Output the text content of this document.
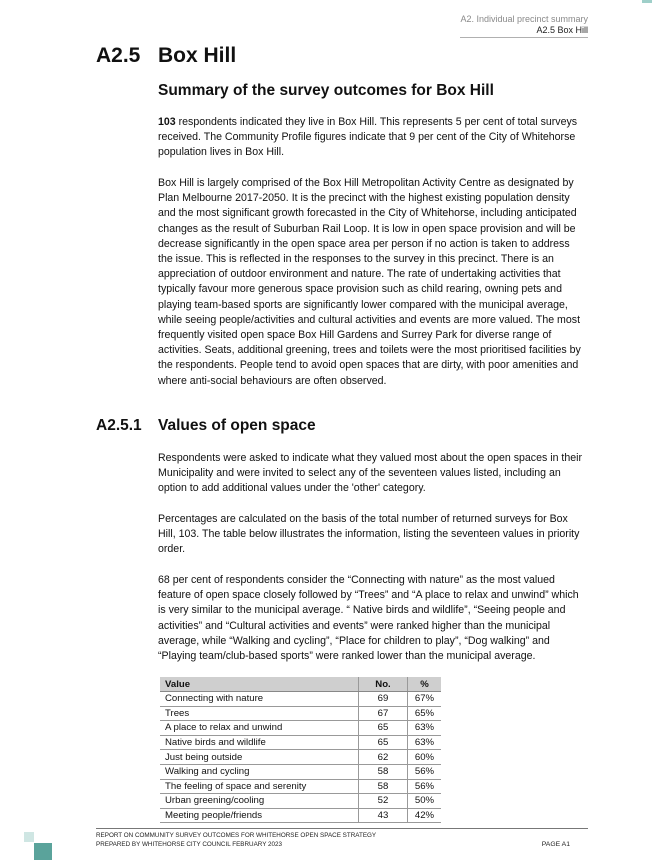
A2. Individual precinct summary
A2.5 Box Hill
A2.5 Box Hill
Summary of the survey outcomes for Box Hill

103 respondents indicated they live in Box Hill. This represents 5 per cent of total surveys received. The Community Profile figures indicate that 9 per cent of the City of Whitehorse population lives in Box Hill.

Box Hill is largely comprised of the Box Hill Metropolitan Activity Centre as designated by Plan Melbourne 2017-2050. It is the precinct with the highest existing population density and the most significant growth forecasted in the City of Whitehorse, including anticipated changes as the result of Suburban Rail Loop. It is low in open space provision and will be decrease significantly in the open space area per person if no action is taken to address the issue. This is reflected in the responses to the survey in this precinct. There is an appreciation of outdoor environment and nature. The rate of undertaking activities that typically favour more generous space provision such as child rearing, owning pets and playing team-based sports are significantly lower compared with the municipal average, while seeing people/activities and cultural activities and events are more valued. The most frequently visited open space Box Hill Gardens and Surrey Park for diverse range of activities. Seats, additional greening, trees and toilets were the most prioritised facilities by the respondents. People tend to avoid open spaces that are dirty, with poor amenities and where anti-social behaviours are often observed.

A2.5.1 Values of open space

Respondents were asked to indicate what they valued most about the open spaces in their Municipality and were invited to select any of the seventeen values listed, including an option to add additional values under the 'other' category.

Percentages are calculated on the basis of the total number of returned surveys for Box Hill, 103. The table below illustrates the information, listing the seventeen values in priority order.

68 per cent of respondents consider the “Connecting with nature” as the most valued feature of open space closely followed by “Trees” and “A place to relax and unwind” which is very similar to the municipal average. “ Native birds and wildlife”, “Seeing people and activities” and “Cultural activities and events” were ranked higher than the municipal average, while “Walking and cycling”, “Place for children to play”, “Dog walking” and “Playing team/club-based sports” were ranked lower than the municipal average.

Value	No.	%
Connecting with nature	69	67%
Trees	67	65%
A place to relax and unwind	65	63%
Native birds and wildlife	65	63%
Just being outside	62	60%
Walking and cycling	58	56%
The feeling of space and serenity	58	56%
Urban greening/cooling	52	50%
Meeting people/friends	43	42%
REPORT ON COMMUNITY SURVEY OUTCOMES FOR WHITEHORSE OPEN SPACE STRATEGY
PREPARED BY WHITEHORSE CITY COUNCIL FEBRUARY 2023	PAGE A1
